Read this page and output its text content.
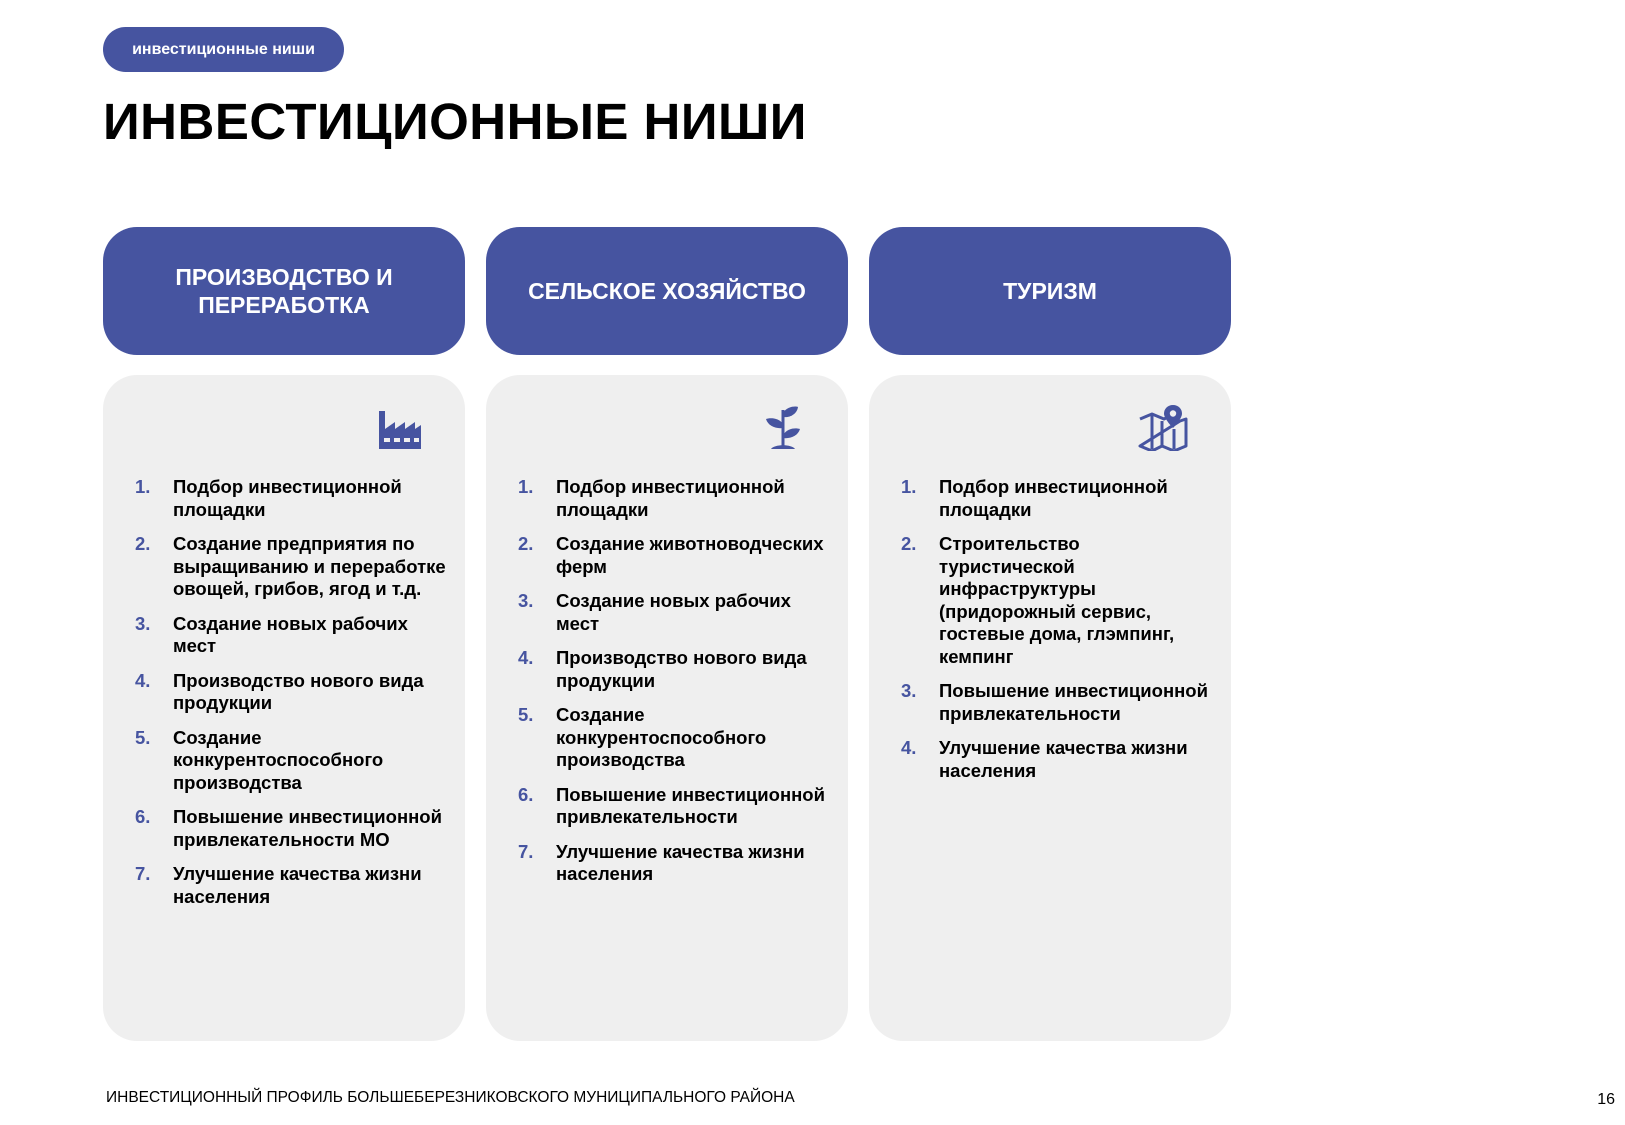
инвестиционные ниши
ИНВЕСТИЦИОННЫЕ НИШИ
ПРОИЗВОДСТВО И ПЕРЕРАБОТКА
1.	Подбор инвестиционной площадки
2.	Создание предприятия по выращиванию и переработке овощей, грибов, ягод и т.д.
3.	Создание новых рабочих мест
4.	Производство нового вида продукции
5.	Создание конкурентоспособного производства
6.	Повышение инвестиционной привлекательности МО
7.	Улучшение качества жизни населения
СЕЛЬСКОЕ ХОЗЯЙСТВО
1.	Подбор инвестиционной площадки
2.	Создание животноводческих ферм
3.	Создание новых рабочих мест
4.	Производство нового вида продукции
5.	Создание конкурентоспособного производства
6.	Повышение инвестиционной привлекательности
7.	Улучшение качества жизни населения
ТУРИЗМ
1.	Подбор инвестиционной площадки
2.	Строительство туристической инфраструктуры (придорожный сервис, гостевые дома, глэмпинг, кемпинг
3.	Повышение инвестиционной привлекательности
4.	Улучшение качества жизни населения
ИНВЕСТИЦИОННЫЙ ПРОФИЛЬ БОЛЬШЕБЕРЕЗНИКОВСКОГО МУНИЦИПАЛЬНОГО РАЙОНА	16
